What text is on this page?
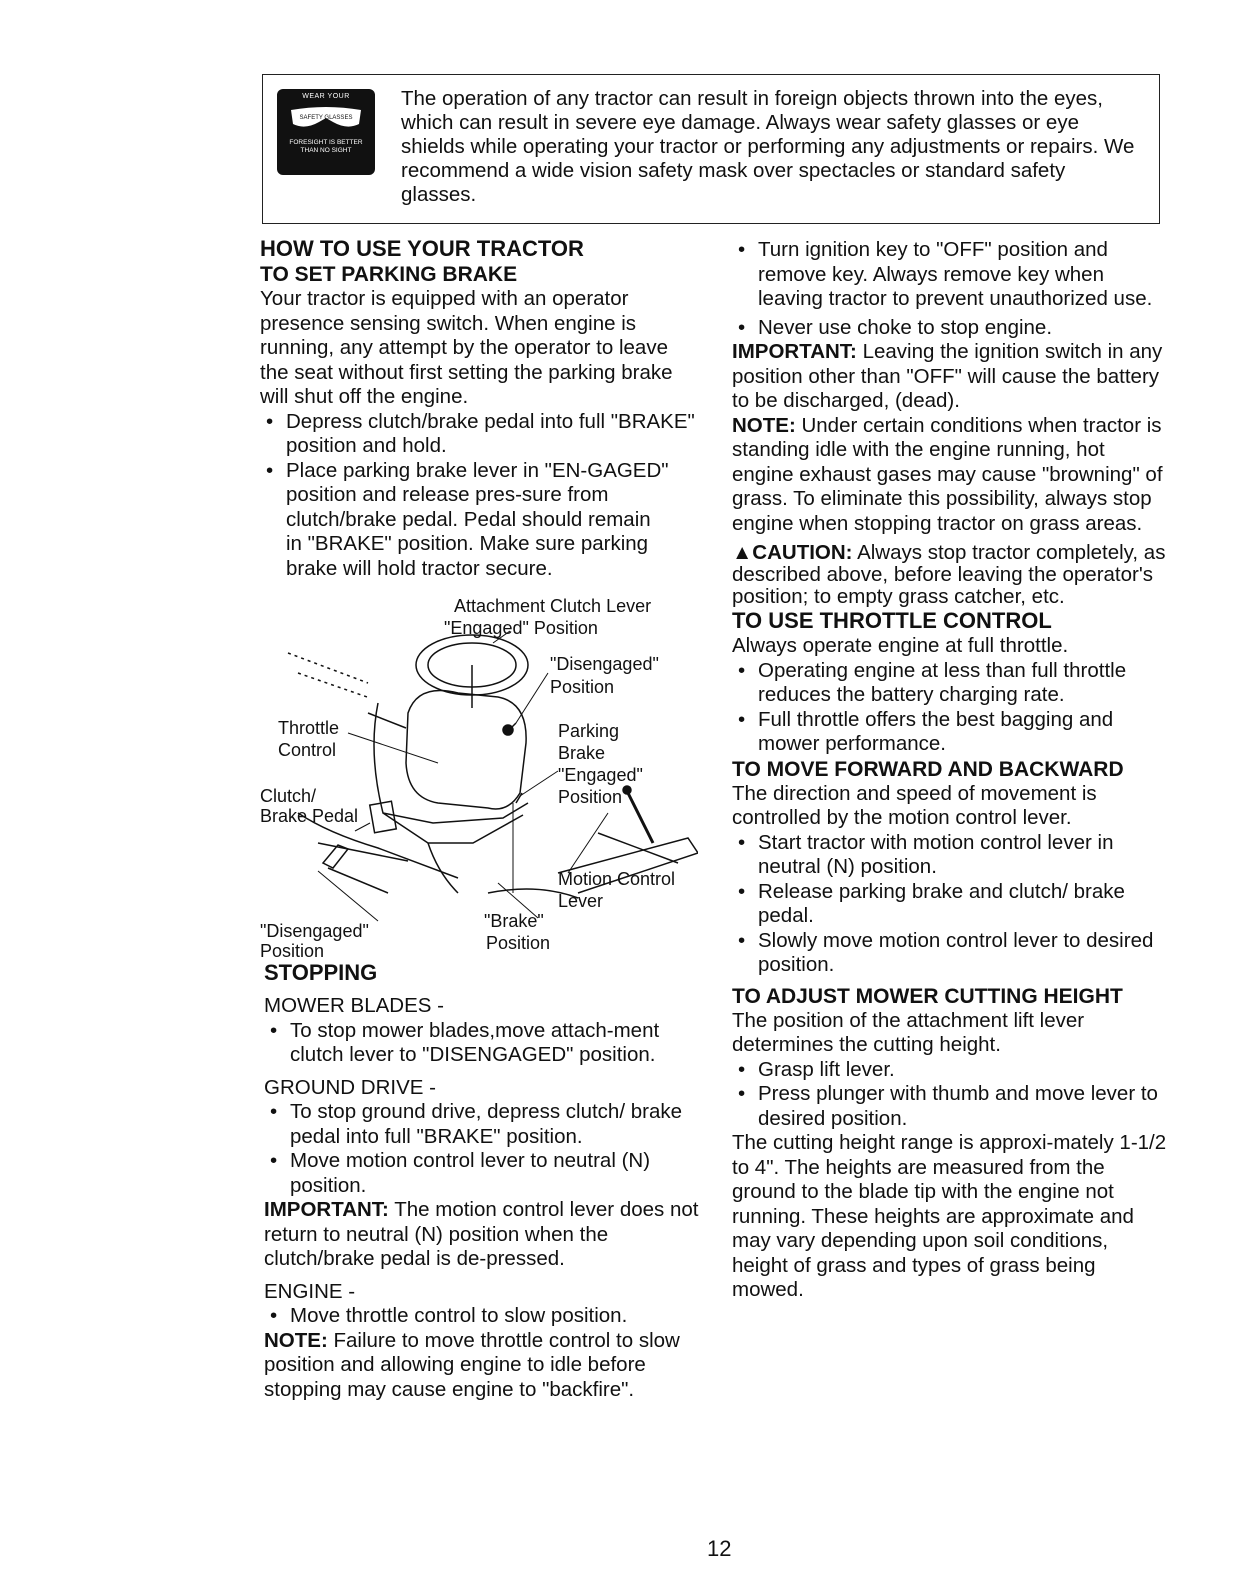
WEAR YOUR
SAFETY GLASSES
FORESIGHT IS BETTER
THAN NO SIGHT
The operation of any tractor can result in foreign objects thrown into the eyes, which can result in severe eye damage. Always wear safety glasses or eye shields while operating your tractor or performing any adjustments or repairs. We recommend a wide vision safety mask over spectacles or standard safety glasses.
HOW TO USE YOUR TRACTOR
TO SET PARKING BRAKE

Your tractor is equipped with an operator presence sensing switch. When engine is running, any attempt by the operator to leave the seat without first setting the parking brake will shut off the engine.

• Depress clutch/brake pedal into full "BRAKE" position and hold.

• Place parking brake lever in "EN-GAGED" position and release pres-sure from clutch/brake pedal. Pedal should remain in "BRAKE" position. Make sure parking brake will hold tractor secure.

Attachment Clutch Lever
"Engaged" Position
"Disengaged"
Position
Throttle
Control
Parking
Brake
"Engaged"
Position
Clutch/
Brake Pedal
Motion Control
Lever
"Brake"
Position
"Disengaged"
Position
STOPPING

MOWER BLADES -

• To stop mower blades,move attach-ment clutch lever to "DISENGAGED" position.

GROUND DRIVE -

• To stop ground drive, depress clutch/ brake pedal into full "BRAKE" position.

• Move motion control lever to neutral (N) position.

IMPORTANT: The motion control lever does not return to neutral (N) position when the clutch/brake pedal is de-pressed.

ENGINE -

• Move throttle control to slow position.

NOTE: Failure to move throttle control to slow position and allowing engine to idle before stopping may cause engine to "backfire".

• Turn ignition key to "OFF" position and remove key. Always remove key when leaving tractor to prevent unauthorized use.

• Never use choke to stop engine.

IMPORTANT: Leaving the ignition switch in any position other than "OFF" will cause the battery to be discharged, (dead).

NOTE: Under certain conditions when tractor is standing idle with the engine running, hot engine exhaust gases may cause "browning" of grass. To eliminate this possibility, always stop engine when stopping tractor on grass areas.

▲CAUTION: Always stop tractor completely, as described above, before leaving the operator's position; to empty grass catcher, etc.

TO USE THROTTLE CONTROL

Always operate engine at full throttle.

• Operating engine at less than full throttle reduces the battery charging rate.

• Full throttle offers the best bagging and mower performance.

TO MOVE FORWARD AND BACKWARD

The direction and speed of movement is controlled by the motion control lever.

• Start tractor with motion control lever in neutral (N) position.

• Release parking brake and clutch/ brake pedal.

• Slowly move motion control lever to desired position.

TO ADJUST MOWER CUTTING HEIGHT

The position of the attachment lift lever determines the cutting height.

• Grasp lift lever.

• Press plunger with thumb and move lever to desired position.

The cutting height range is approxi-mately 1-1/2 to 4". The heights are measured from the ground to the blade tip with the engine not running. These heights are approximate and may vary depending upon soil conditions, height of grass and types of grass being mowed.

12
